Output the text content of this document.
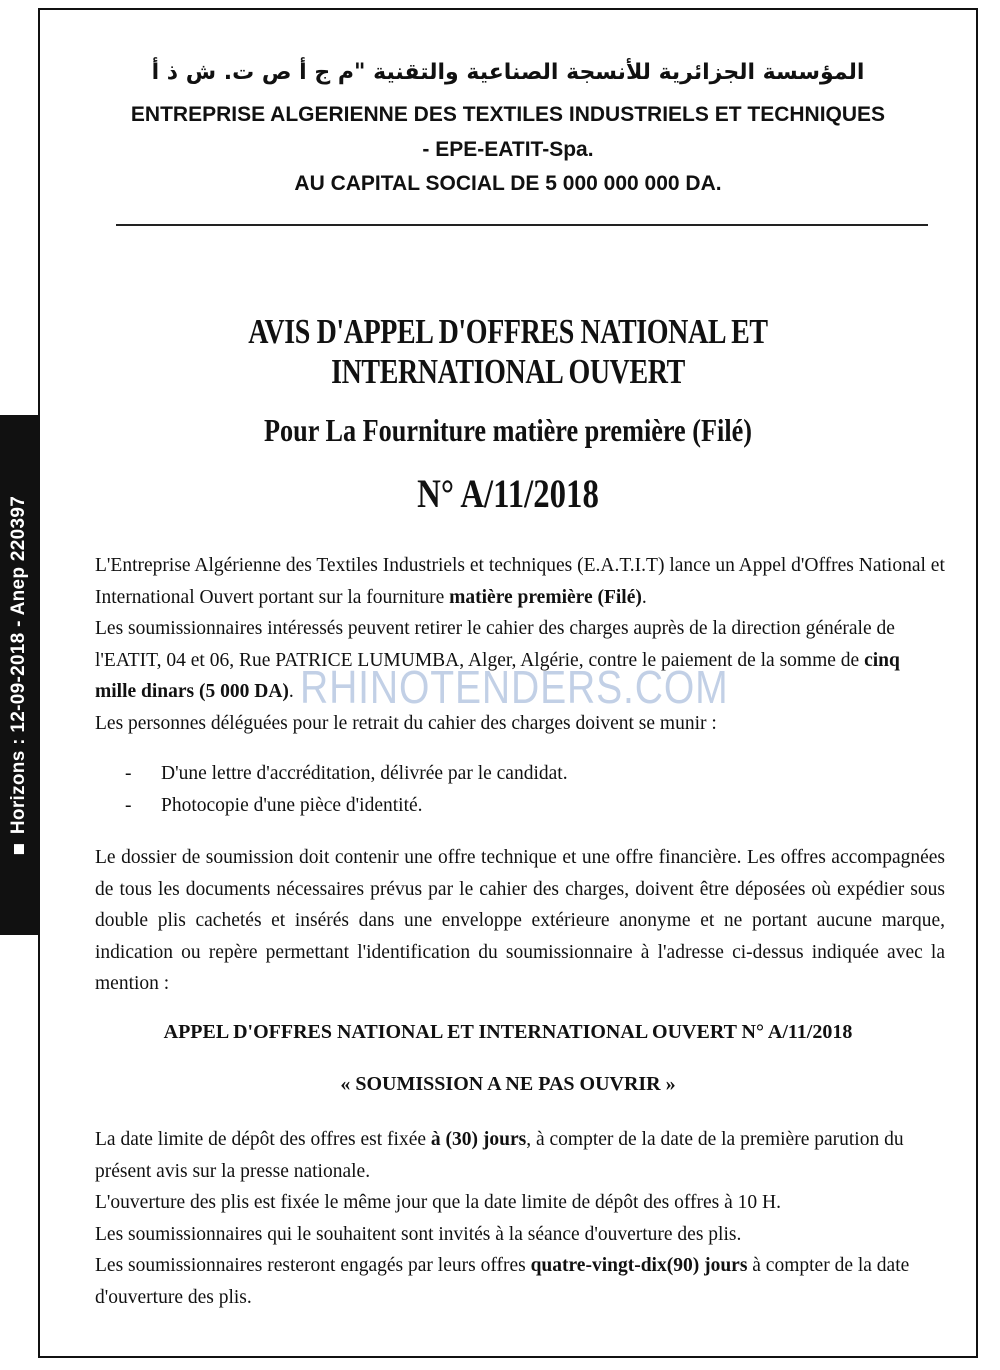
Horizons : 12-09-2018 - Anep 220397
المؤسسة الجزائرية للأنسجة الصناعية والتقنية "م ج أ ص ت. ش ذ أ
ENTREPRISE ALGERIENNE DES TEXTILES INDUSTRIELS ET TECHNIQUES
- EPE-EATIT-Spa.
AU CAPITAL SOCIAL DE 5 000 000 000 DA.
AVIS D'APPEL D'OFFRES NATIONAL ET INTERNATIONAL OUVERT
Pour La Fourniture matière première (Filé)
N° A/11/2018
L'Entreprise Algérienne des Textiles Industriels et techniques (E.A.T.I.T) lance un Appel d'Offres National et International Ouvert portant sur la fourniture matière première (Filé).
Les soumissionnaires intéressés peuvent retirer le cahier des charges auprès de la direction générale de l'EATIT, 04 et 06, Rue PATRICE LUMUMBA, Alger, Algérie, contre le paiement de la somme de cinq mille dinars (5 000 DA).
Les personnes déléguées pour le retrait du cahier des charges doivent se munir :
- D'une lettre d'accréditation, délivrée par le candidat.
- Photocopie d'une pièce d'identité.
Le dossier de soumission doit contenir une offre technique et une offre financière. Les offres accompagnées de tous les documents nécessaires prévus par le cahier des charges, doivent être déposées où expédier sous double plis cachetés et insérés dans une enveloppe extérieure anonyme et ne portant aucune marque, indication ou repère permettant l'identification du soumissionnaire à l'adresse ci-dessus indiquée avec la mention :
APPEL D'OFFRES NATIONAL ET INTERNATIONAL OUVERT N° A/11/2018
« SOUMISSION A NE PAS OUVRIR »
La date limite de dépôt des offres est fixée à (30) jours, à compter de la date de la première parution du présent avis sur la presse nationale.
L'ouverture des plis est fixée le même jour que la date limite de dépôt des offres à 10 H.
Les soumissionnaires qui le souhaitent sont invités à la séance d'ouverture des plis.
Les soumissionnaires resteront engagés par leurs offres quatre-vingt-dix(90) jours à compter de la date d'ouverture des plis.
RHINOTENDERS.COM
